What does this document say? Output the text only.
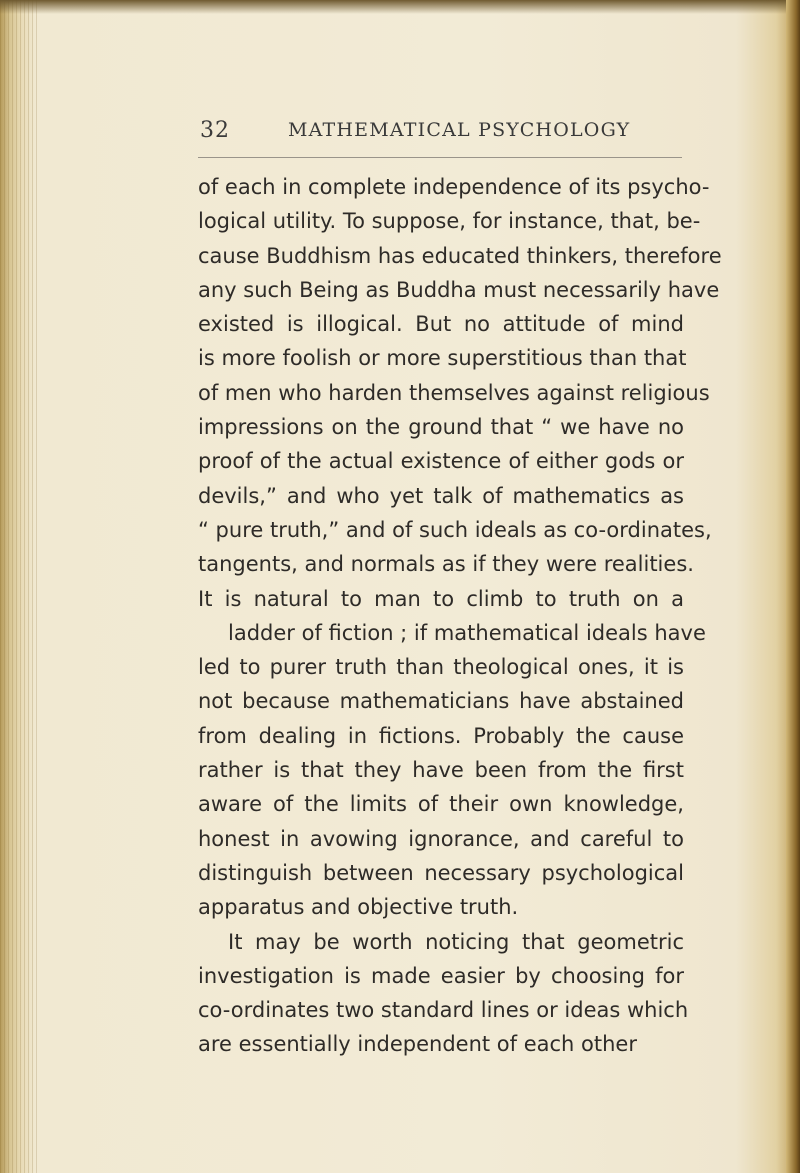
32	MATHEMATICAL PSYCHOLOGY
of each in complete independence of its psycho-
logical utility. To suppose, for instance, that, be-
cause Buddhism has educated thinkers, therefore
any such Being as Buddha must necessarily have
existed is illogical. But no attitude of mind
is more foolish or more superstitious than that
of men who harden themselves against religious
impressions on the ground that “ we have no
proof of the actual existence of either gods or
devils,” and who yet talk of mathematics as
“ pure truth,” and of such ideals as co-ordinates,
tangents, and normals as if they were realities.
It is natural to man to climb to truth on a
ladder of fiction ; if mathematical ideals have
led to purer truth than theological ones, it is
not because mathematicians have abstained
from dealing in fictions. Probably the cause
rather is that they have been from the first
aware of the limits of their own knowledge,
honest in avowing ignorance, and careful to
distinguish between necessary psychological
apparatus and objective truth.
It may be worth noticing that geometric
investigation is made easier by choosing for
co-ordinates two standard lines or ideas which
are essentially independent of each other
